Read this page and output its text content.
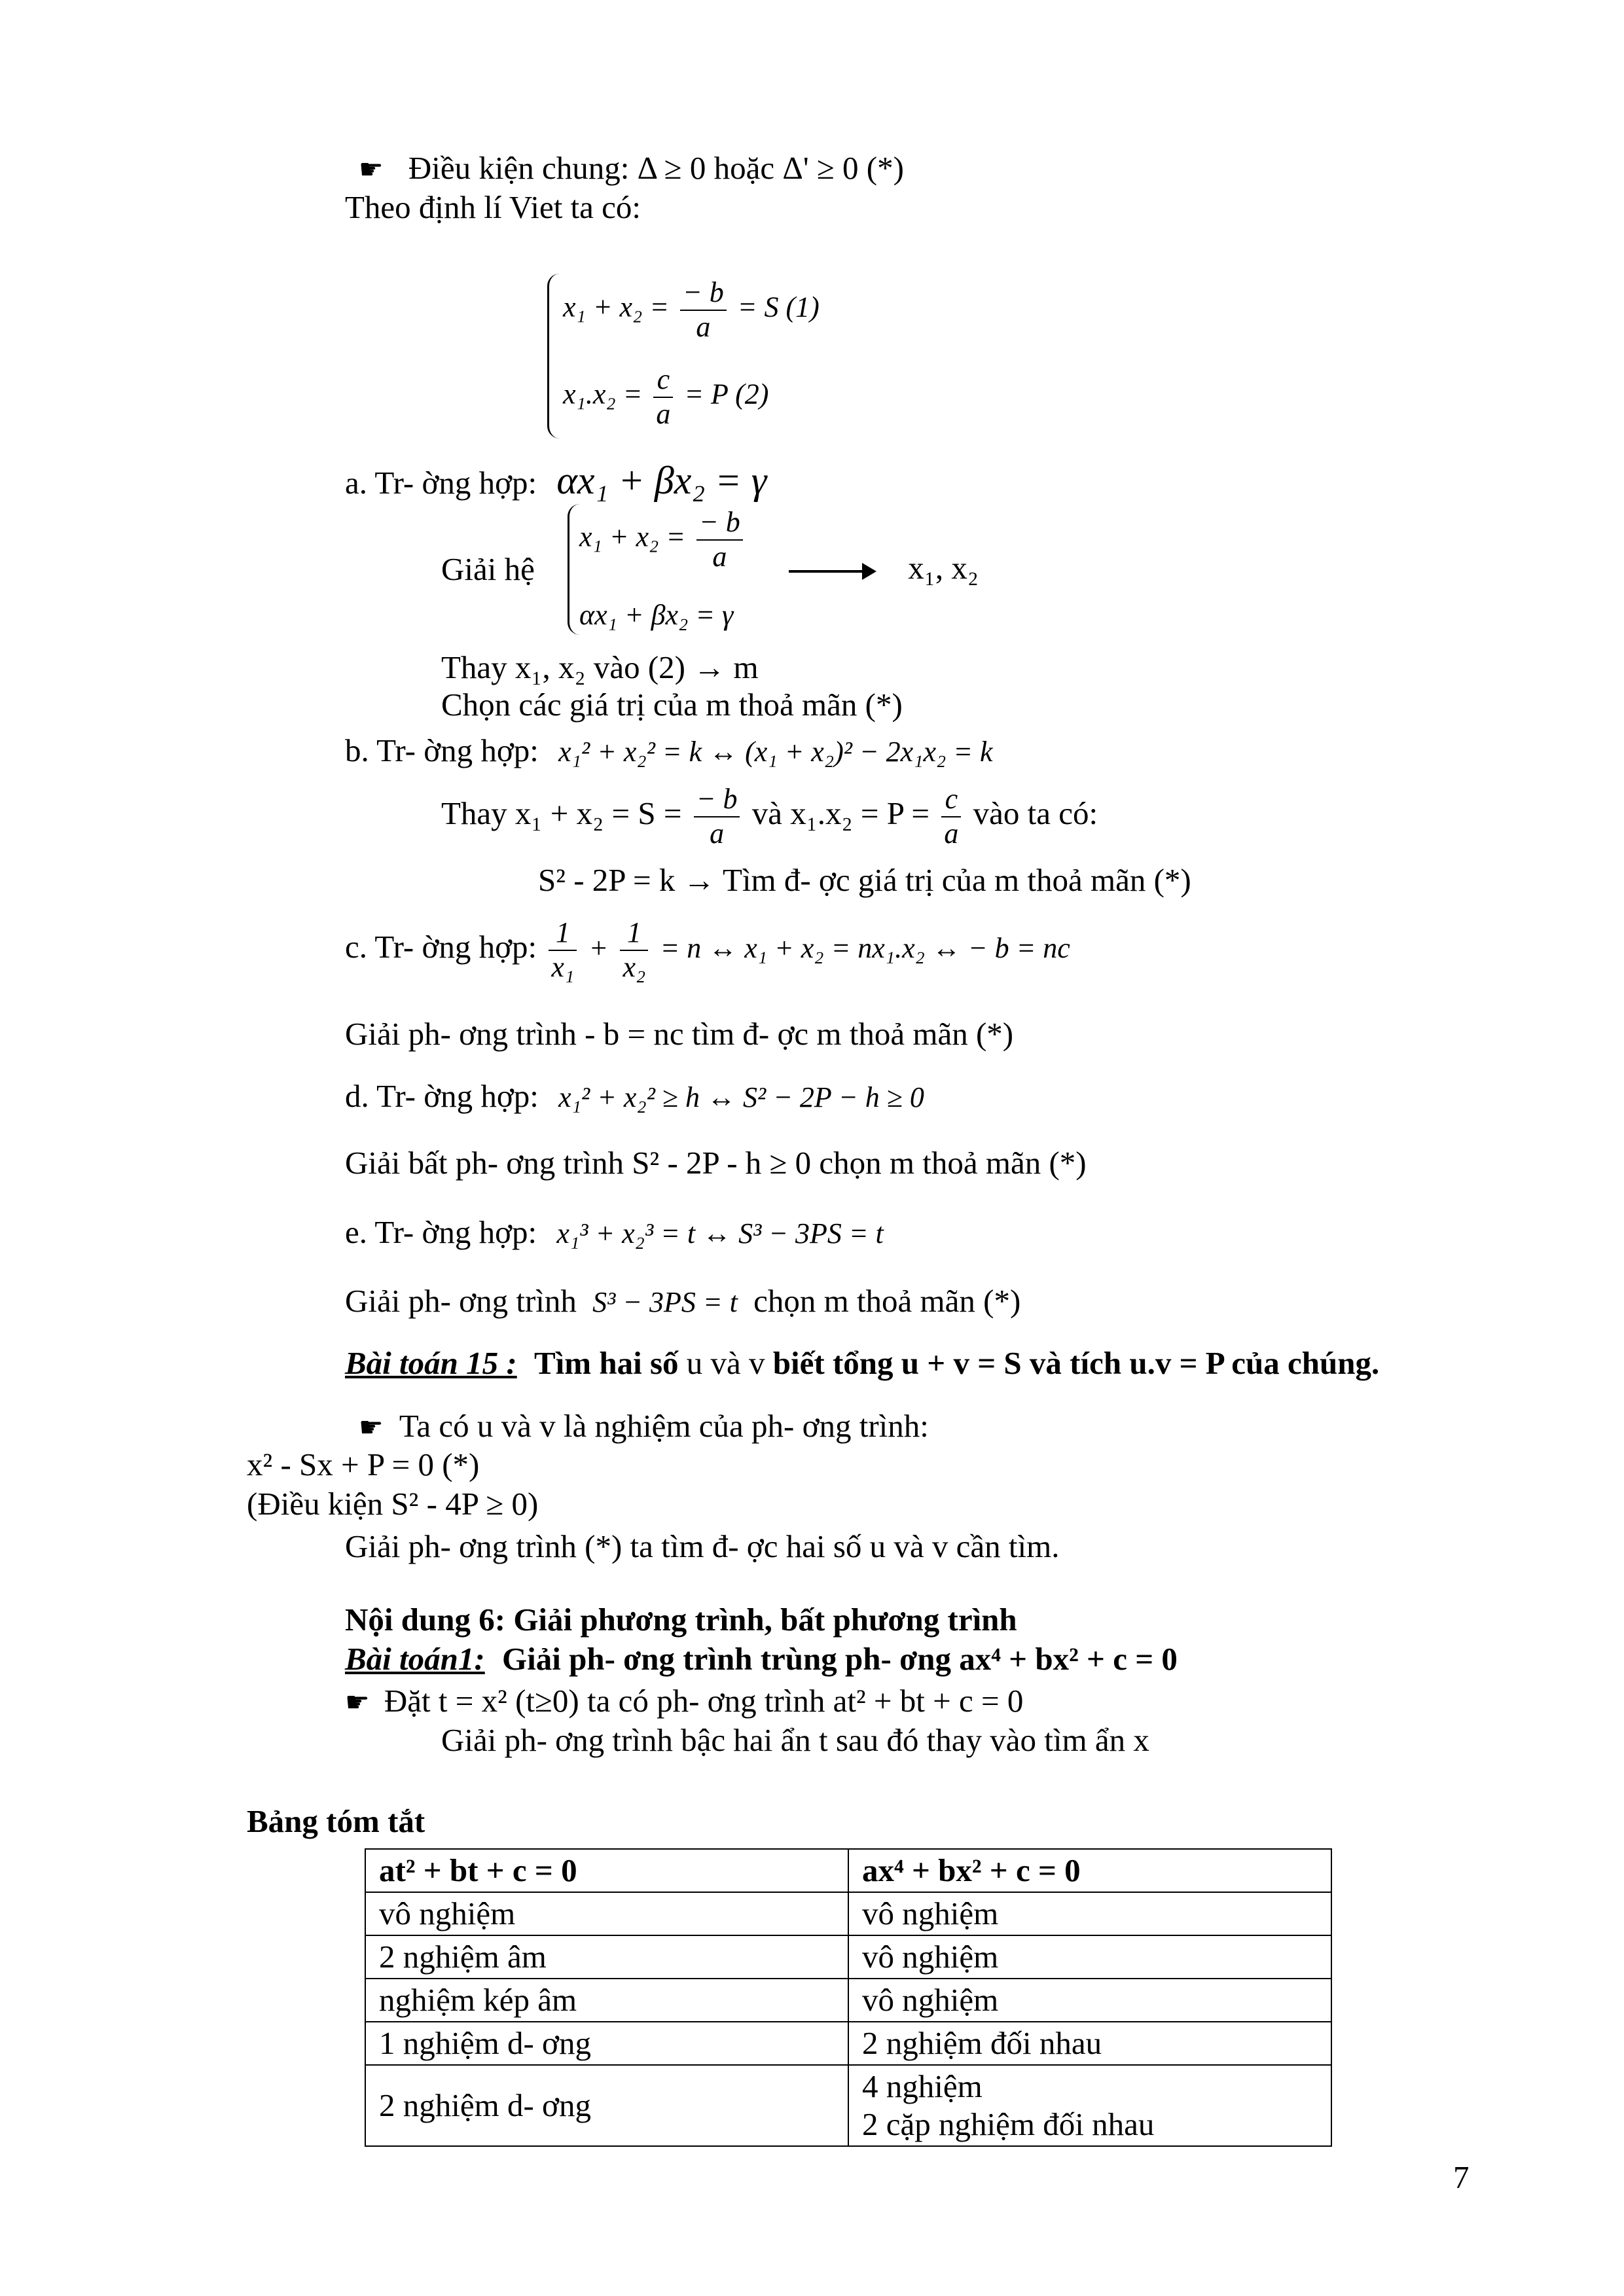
☛ Điều kiện chung: Δ ≥ 0 hoặc Δ' ≥ 0 (*)
Theo định lí Viet ta có:
$x_1 + x_2 = \frac{- b}{a} = S$ (1)
$x_1.x_2 = \frac{c}{a} = P$ (2)
a. Tr- ờng hợp: αx₁ + βx₂ = γ
Giải hệ
$x_1 + x_2 = \frac{- b}{a}$
αx₁ + βx₂ = γ
x₁, x₂
Thay x₁, x₂ vào (2) → m
Chọn các giá trị của m thoả mãn (*)
b. Tr- ờng hợp: x₁² + x₂² = k ↔ (x₁ + x₂)² − 2x₁x₂ = k
Thay $x_1 + x_2 = S = \frac{- b}{a}$ và $x_1.x_2 = P = \frac{c}{a}$ vào ta có:
S² - 2P = k → Tìm đ- ợc giá trị của m thoả mãn (*)
c. Tr- ờng hợp: $\frac{1}{\text{x₁}} + \frac{1}{\text{x₂}} = n$ ↔ x₁ + x₂ = nx₁.x₂ ↔ − b = nc
Giải ph- ơng trình - b = nc tìm đ- ợc m thoả mãn (*)
d. Tr- ờng hợp: x₁² + x₂² ≥ h ↔ S² − 2P − h ≥ 0
Giải bất ph- ơng trình S² - 2P - h ≥ 0 chọn m thoả mãn (*)
e. Tr- ờng hợp: x₁³ + x₂³ = t ↔ S³ − 3PS = t
Giải ph- ơng trình S³ − 3PS = t chọn m thoả mãn (*)
Bài toán 15 : Tìm hai số u và v biết tổng u + v = S và tích u.v = P của chúng.
☛ Ta có u và v là nghiệm của ph- ơng trình:
x² - Sx + P = 0 (*)
(Điều kiện S² - 4P ≥ 0)
Giải ph- ơng trình (*) ta tìm đ- ợc hai số u và v cần tìm.
Nội dung 6: Giải phương trình, bất phương trình
Bài toán1: Giải ph- ơng trình trùng ph- ơng ax⁴ + bx² + c = 0
☛ Đặt t = x² (t≥0) ta có ph- ơng trình at² + bt + c = 0
Giải ph- ơng trình bậc hai ẩn t sau đó thay vào tìm ẩn x
Bảng tóm tắt
at² + bt + c = 0	ax⁴ + bx² + c = 0
vô nghiệm	vô nghiệm
2 nghiệm âm	vô nghiệm
nghiệm kép âm	vô nghiệm
1 nghiệm d- ơng	2 nghiệm đối nhau
2 nghiệm d- ơng	4 nghiệm
2 cặp nghiệm đối nhau
7
